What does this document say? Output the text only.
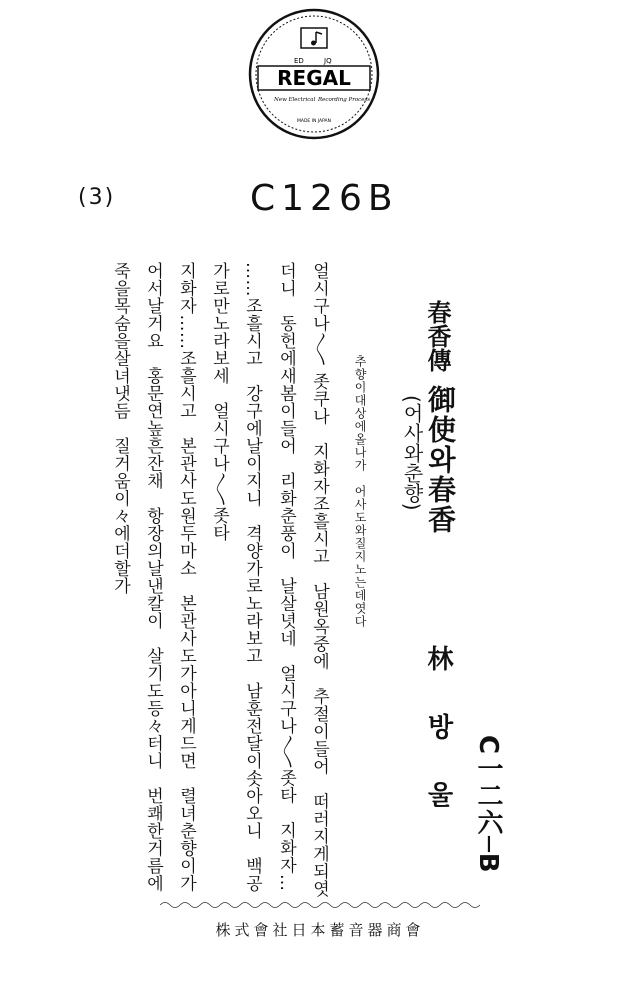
ED	JQ
REGAL
New Electrical Recording Process
MADE IN JAPAN
(3)	C126B
春香傳
御使와春香
(어사와춘향)
林방울 C一二六─B
추향이대상에올나가　어사도와질지노는데엿다
얼시구나〳〵 좃쿠나　지화자조흘시고　남원옥중에　추절이들어　떠러지게되엿
더니　동헌에새봄이들어　리화춘풍이　날살녓네　얼시구나〳〵좃타　지화자…
……조흘시고　강구에날이지니　격양가로노라보고　남훈전달이솟아오니　백공
가로만노라보세　얼시구나〳〵좃타
지화자……조흘시고　본관사도원두마소　본관사도가아니게드면　렬녀춘향이가
어서날거요　홍문연높흔잔채　항장의날낸칼이　살기도등々터니　번쾌한거름에
죽을목숨을살녀냇듬　질거움이々에더할가
株式會社日本蓄音器商會
